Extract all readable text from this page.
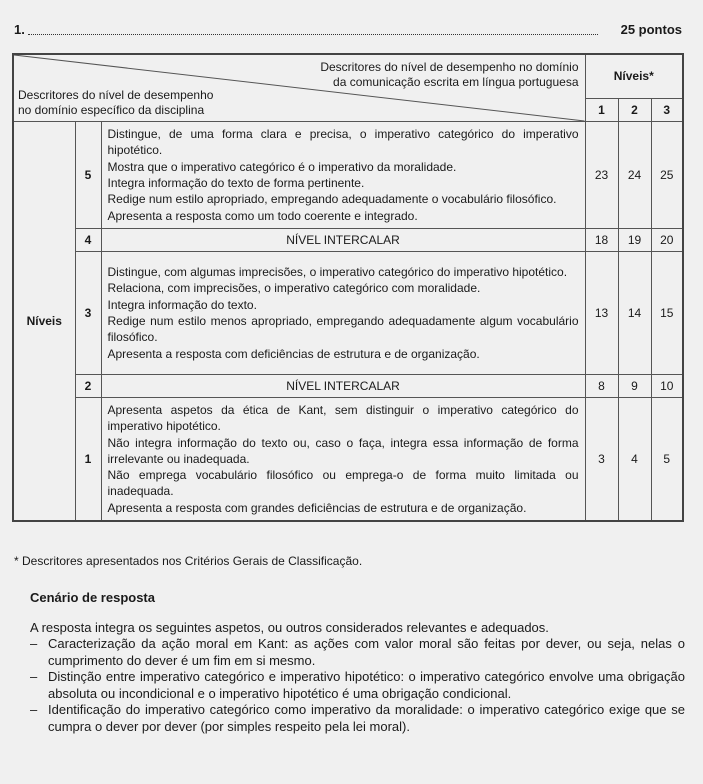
1.	25 pontos
Descritores do nível de desempenho no domínio
da comunicação escrita em língua portuguesa
Descritores do nível de desempenho
no domínio específico da disciplina			Níveis*		
			1	2	3
Níveis	5	Distingue, de uma forma clara e precisa, o imperativo categórico do imperativo hipotético.
Mostra que o imperativo categórico é o imperativo da moralidade.
Integra informação do texto de forma pertinente.
Redige num estilo apropriado, empregando adequadamente o vocabulário filosófico.
Apresenta a resposta como um todo coerente e integrado.	23	24	25
	4	NÍVEL INTERCALAR	18	19	20
	3	Distingue, com algumas imprecisões, o imperativo categórico do imperativo hipotético.
Relaciona, com imprecisões, o imperativo categórico com moralidade.
Integra informação do texto.
Redige num estilo menos apropriado, empregando adequadamente algum vocabulário filosófico.
Apresenta a resposta com deficiências de estrutura e de organização.	13	14	15
	2	NÍVEL INTERCALAR	8	9	10
	1	Apresenta aspetos da ética de Kant, sem distinguir o imperativo categórico do imperativo hipotético.
Não integra informação do texto ou, caso o faça, integra essa informação de forma irrelevante ou inadequada.
Não emprega vocabulário filosófico ou emprega-o de forma muito limitada ou inadequada.
Apresenta a resposta com grandes deficiências de estrutura e de organização.	3	4	5
* Descritores apresentados nos Critérios Gerais de Classificação.
Cenário de resposta
A resposta integra os seguintes aspetos, ou outros considerados relevantes e adequados.
– Caracterização da ação moral em Kant: as ações com valor moral são feitas por dever, ou seja, nelas o cumprimento do dever é um fim em si mesmo.
– Distinção entre imperativo categórico e imperativo hipotético: o imperativo categórico envolve uma obrigação absoluta ou incondicional e o imperativo hipotético é uma obrigação condicional.
– Identificação do imperativo categórico como imperativo da moralidade: o imperativo categórico exige que se cumpra o dever por dever (por simples respeito pela lei moral).
